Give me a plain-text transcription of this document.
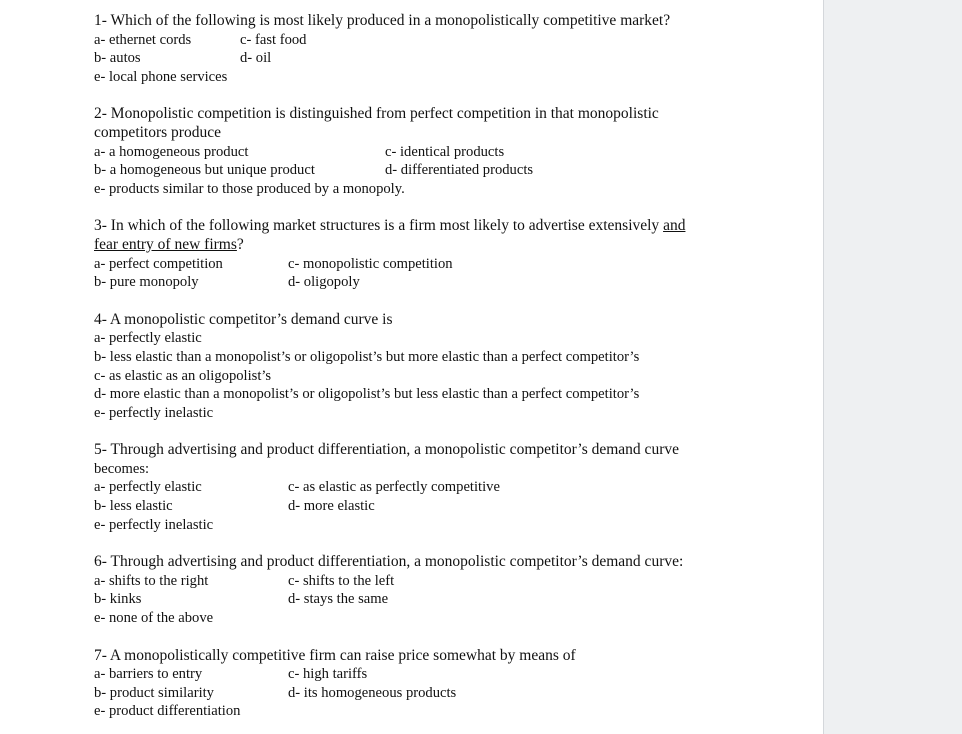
1- Which of the following is most likely produced in a monopolistically competitive market?
a- ethernet cords	c- fast food
b- autos	d- oil
e- local phone services
2- Monopolistic competition is distinguished from perfect competition in that monopolistic
competitors produce
a- a homogeneous product	c- identical products
b- a homogeneous but unique product	d- differentiated products
e- products similar to those produced by a monopoly.
3- In which of the following market structures is a firm most likely to advertise extensively and
fear entry of new firms?
a- perfect competition	c- monopolistic competition
b- pure monopoly	d- oligopoly
4- A monopolistic competitor’s demand curve is
a- perfectly elastic
b- less elastic than a monopolist’s or oligopolist’s but more elastic than a perfect competitor’s
c- as elastic as an oligopolist’s
d- more elastic than a monopolist’s or oligopolist’s but less elastic than a perfect competitor’s
e- perfectly inelastic
5- Through advertising and product differentiation, a monopolistic competitor’s demand curve
becomes:
a- perfectly elastic	c- as elastic as perfectly competitive
b- less elastic	d- more elastic
e- perfectly inelastic
6- Through advertising and product differentiation, a monopolistic competitor’s demand curve:
a- shifts to the right	c- shifts to the left
b- kinks	d- stays the same
e- none of the above
7- A monopolistically competitive firm can raise price somewhat by means of
a- barriers to entry	c- high tariffs
b- product similarity	d- its homogeneous products
e- product differentiation
